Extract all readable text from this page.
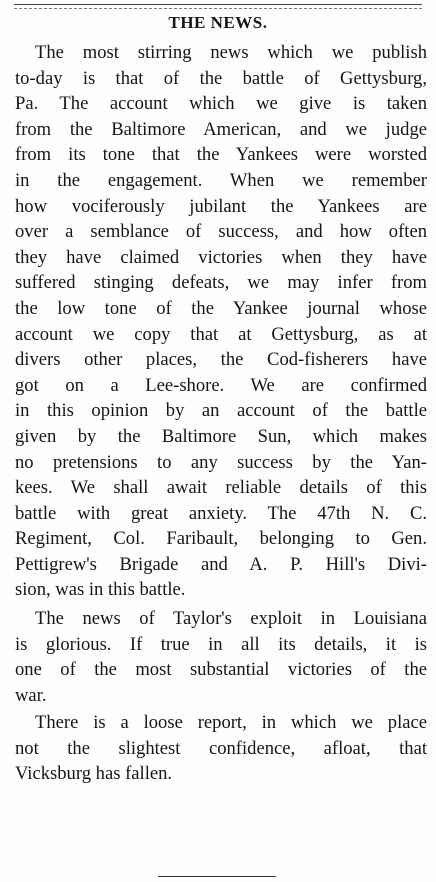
THE NEWS.
The most stirring news which we publish
to-day is that of the battle of Gettysburg,
Pa. The account which we give is taken
from the Baltimore American, and we judge
from its tone that the Yankees were worsted
in the engagement. When we remember
how vociferously jubilant the Yankees are
over a semblance of success, and how often
they have claimed victories when they have
suffered stinging defeats, we may infer from
the low tone of the Yankee journal whose
account we copy that at Gettysburg, as at
divers other places, the Cod-fisherers have
got on a Lee-shore. We are confirmed
in this opinion by an account of the battle
given by the Baltimore Sun, which makes
no pretensions to any success by the Yan-
kees. We shall await reliable details of this
battle with great anxiety. The 47th N. C.
Regiment, Col. Faribault, belonging to Gen.
Pettigrew's Brigade and A. P. Hill's Divi-
sion, was in this battle.
The news of Taylor's exploit in Louisiana
is glorious. If true in all its details, it is
one of the most substantial victories of the
war.
There is a loose report, in which we place
not the slightest confidence, afloat, that
Vicksburg has fallen.
